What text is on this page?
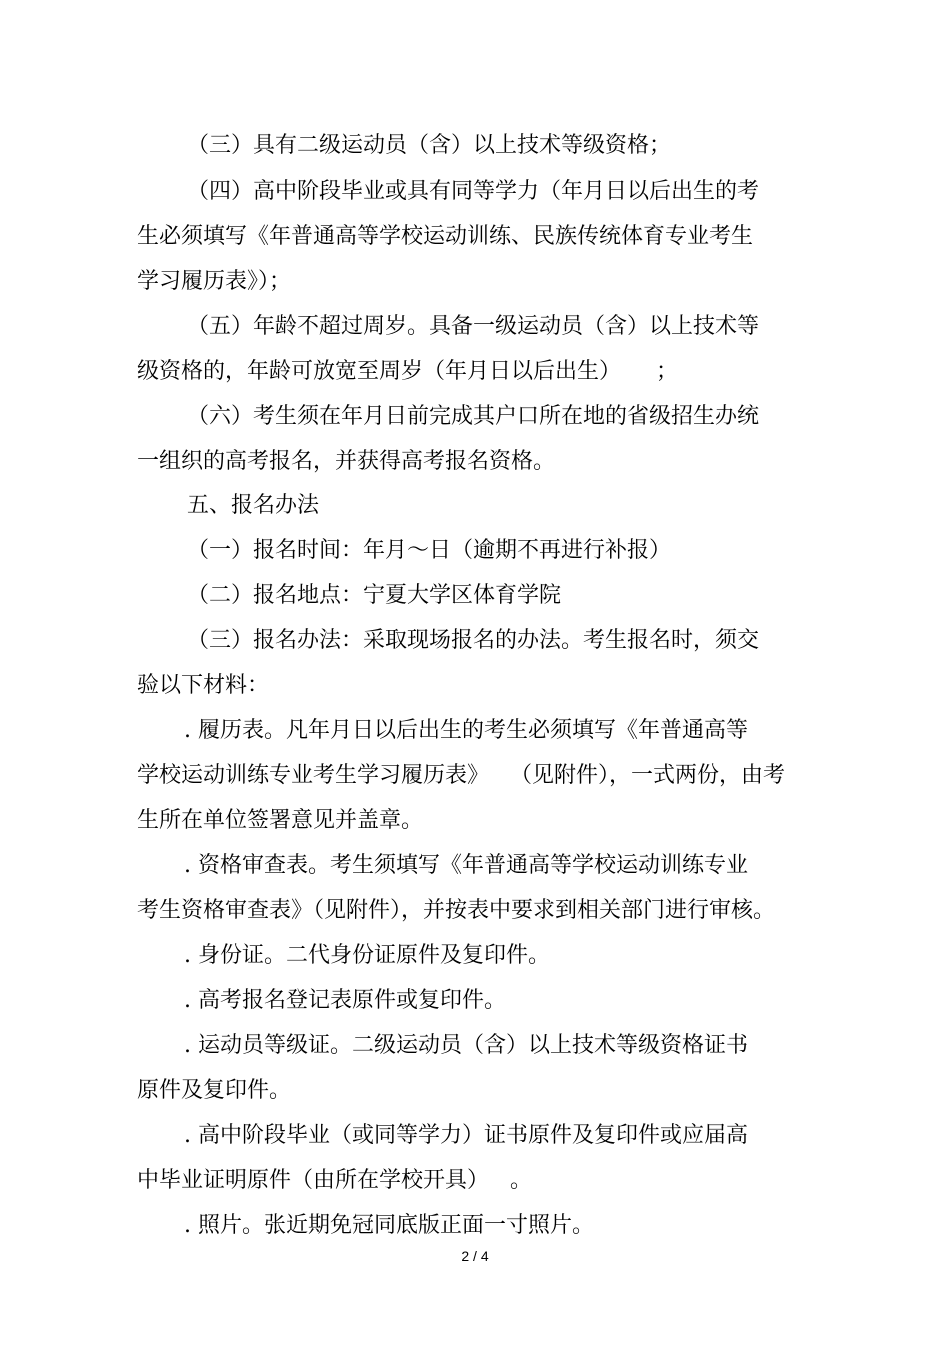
（三）具有二级运动员（含）以上技术等级资格；
（四）高中阶段毕业或具有同等学力（年月日以后出生的考
生必须填写《年普通高等学校运动训练、民族传统体育专业考生
学习履历表》）；
（五）年龄不超过周岁。具备一级运动员（含）以上技术等
级资格的，年龄可放宽至周岁（年月日以后出生）     ；
（六）考生须在年月日前完成其户口所在地的省级招生办统
一组织的高考报名，并获得高考报名资格。
五、报名办法
（一）报名时间：年月～日（逾期不再进行补报）
（二）报名地点：宁夏大学区体育学院
（三）报名办法：采取现场报名的办法。考生报名时，须交
验以下材料：
. 履历表。凡年月日以后出生的考生必须填写《年普通高等
学校运动训练专业考生学习履历表》   （见附件），一式两份，由考
生所在单位签署意见并盖章。
. 资格审查表。考生须填写《年普通高等学校运动训练专业
考生资格审查表》（见附件），并按表中要求到相关部门进行审核。
. 身份证。二代身份证原件及复印件。
. 高考报名登记表原件或复印件。
. 运动员等级证。二级运动员（含）以上技术等级资格证书
原件及复印件。
. 高中阶段毕业（或同等学力）证书原件及复印件或应届高
中毕业证明原件（由所在学校开具）   。
. 照片。张近期免冠同底版正面一寸照片。
2 / 4
